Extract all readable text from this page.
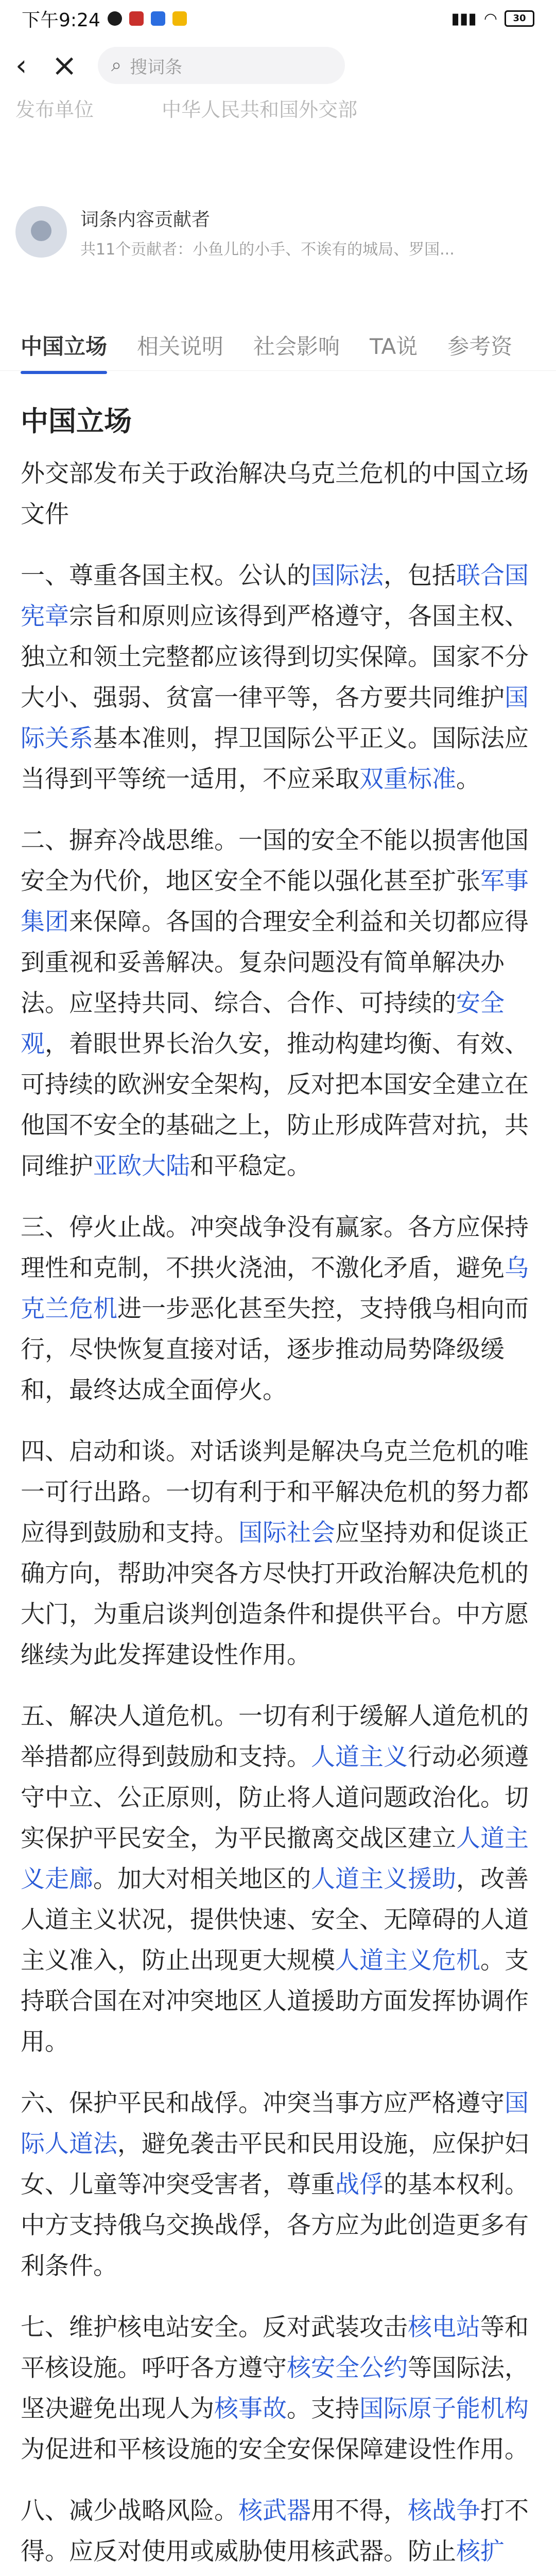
下午9:24	▮▮▮ ◠	30
‹ ×	⌕ 搜词条
发布单位	中华人民共和国外交部
词条内容贡献者
共11个贡献者：小鱼儿的小手、不诶有的城局、罗国...
中国立场 相关说明 社会影响 TA说 参考资
中国立场

外交部发布关于政治解决乌克兰危机的中国立场文件

一、尊重各国主权。公认的国际法，包括联合国宪章宗旨和原则应该得到严格遵守，各国主权、独立和领土完整都应该得到切实保障。国家不分大小、强弱、贫富一律平等，各方要共同维护国际关系基本准则，捍卫国际公平正义。国际法应当得到平等统一适用，不应采取双重标准。

二、摒弃冷战思维。一国的安全不能以损害他国安全为代价，地区安全不能以强化甚至扩张军事集团来保障。各国的合理安全利益和关切都应得到重视和妥善解决。复杂问题没有简单解决办法。应坚持共同、综合、合作、可持续的安全观，着眼世界长治久安，推动构建均衡、有效、可持续的欧洲安全架构，反对把本国安全建立在他国不安全的基础之上，防止形成阵营对抗，共同维护亚欧大陆和平稳定。

三、停火止战。冲突战争没有赢家。各方应保持理性和克制，不拱火浇油，不激化矛盾，避免乌克兰危机进一步恶化甚至失控，支持俄乌相向而行，尽快恢复直接对话，逐步推动局势降级缓和，最终达成全面停火。

四、启动和谈。对话谈判是解决乌克兰危机的唯一可行出路。一切有利于和平解决危机的努力都应得到鼓励和支持。国际社会应坚持劝和促谈正确方向，帮助冲突各方尽快打开政治解决危机的大门，为重启谈判创造条件和提供平台。中方愿继续为此发挥建设性作用。

五、解决人道危机。一切有利于缓解人道危机的举措都应得到鼓励和支持。人道主义行动必须遵守中立、公正原则，防止将人道问题政治化。切实保护平民安全，为平民撤离交战区建立人道主义走廊。加大对相关地区的人道主义援助，改善人道主义状况，提供快速、安全、无障碍的人道主义准入，防止出现更大规模人道主义危机。支持联合国在对冲突地区人道援助方面发挥协调作用。

六、保护平民和战俘。冲突当事方应严格遵守国际人道法，避免袭击平民和民用设施，应保护妇女、儿童等冲突受害者，尊重战俘的基本权利。中方支持俄乌交换战俘，各方应为此创造更多有利条件。

七、维护核电站安全。反对武装攻击核电站等和平核设施。呼吁各方遵守核安全公约等国际法，坚决避免出现人为核事故。支持国际原子能机构为促进和平核设施的安全安保保障建设性作用。

八、减少战略风险。核武器用不得，核战争打不得。应反对使用或威胁使用核武器。防止核扩
